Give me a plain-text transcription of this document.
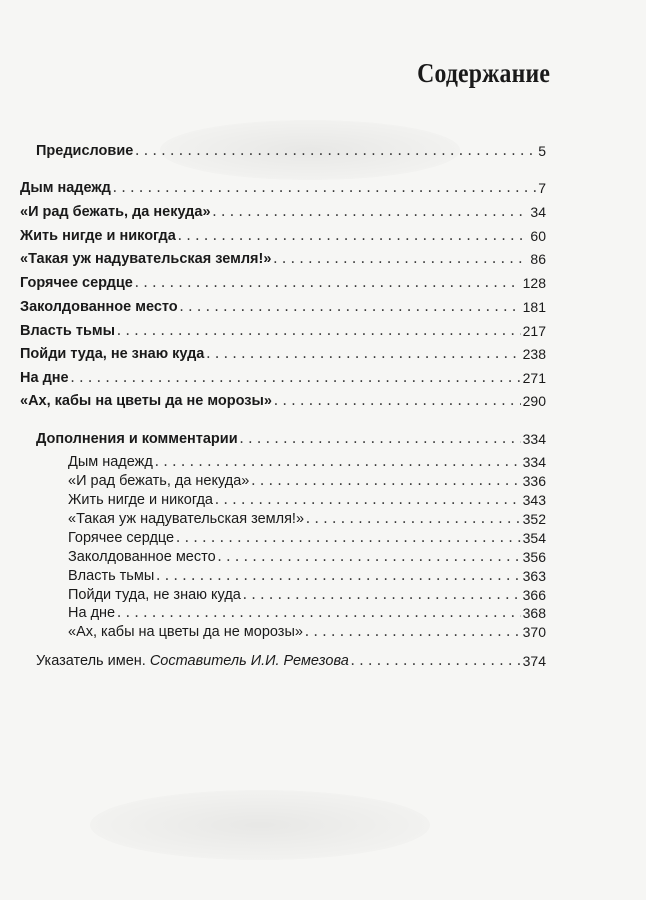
Содержание
Предисловие . . .	5
Дым надежд . . .	7
«И рад бежать, да некуда» . . .	34
Жить нигде и никогда . . .	60
«Такая уж надувательская земля!» . . .	86
Горячее сердце . . .	128
Заколдованное место . . .	181
Власть тьмы . . .	217
Пойди туда, не знаю куда . . .	238
На дне . . .	271
«Ах, кабы на цветы да не морозы» . . .	290
Дополнения и комментарии . . .	334
Дым надежд . . .	334
«И рад бежать, да некуда» . . .	336
Жить нигде и никогда . . .	343
«Такая уж надувательская земля!» . . .	352
Горячее сердце . . .	354
Заколдованное место . . .	356
Власть тьмы . . .	363
Пойди туда, не знаю куда . . .	366
На дне . . .	368
«Ах, кабы на цветы да не морозы» . . .	370
Указатель имен. Составитель И.И. Ремезова . . .	374
